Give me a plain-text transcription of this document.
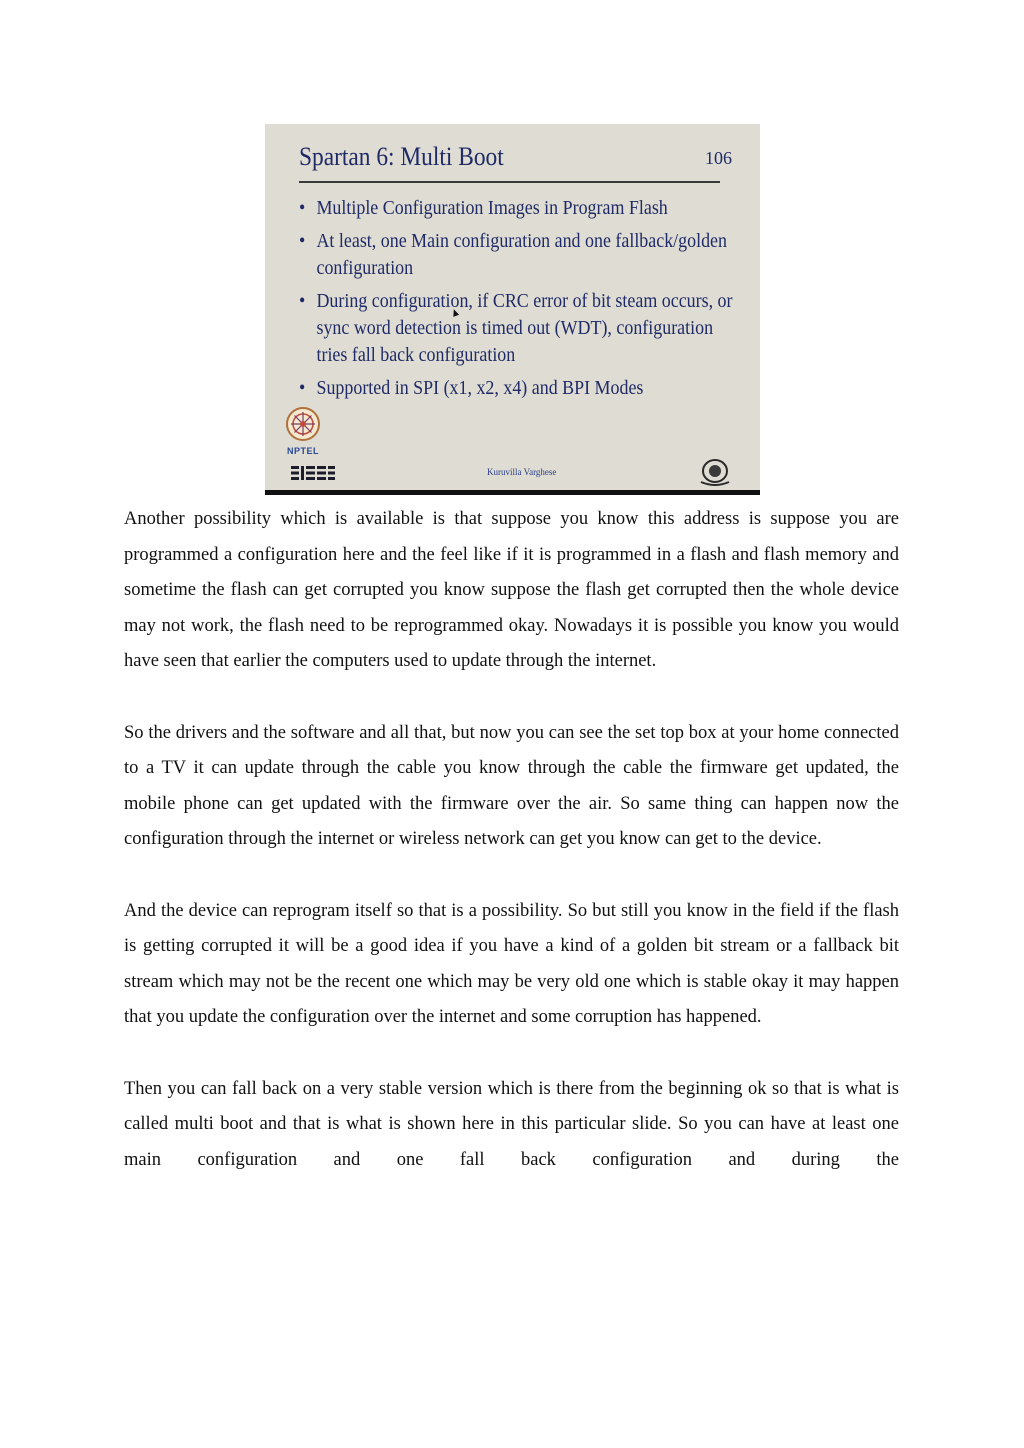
Spartan 6: Multi Boot	106
• Multiple Configuration Images in Program Flash
• At least, one Main configuration and one fallback/golden configuration
• During configuration, if CRC error of bit steam occurs, or sync word detection is timed out (WDT), configuration tries fall back configuration
• Supported in SPI (x1, x2, x4) and BPI Modes
NPTEL
Kuruvilla Varghese

Another possibility which is available is that suppose you know this address is suppose you are programmed a configuration here and the feel like if it is programmed in a flash and flash memory and sometime the flash can get corrupted you know suppose the flash get corrupted then the whole device may not work, the flash need to be reprogrammed okay. Nowadays it is possible you know you would have seen that earlier the computers used to update through the internet.

So the drivers and the software and all that, but now you can see the set top box at your home connected to a TV it can update through the cable you know through the cable the firmware get updated, the mobile phone can get updated with the firmware over the air. So same thing can happen now the configuration through the internet or wireless network can get you know can get to the device.

And the device can reprogram itself so that is a possibility. So but still you know in the field if the flash is getting corrupted it will be a good idea if you have a kind of a golden bit stream or a fallback bit stream which may not be the recent one which may be very old one which is stable okay it may happen that you update the configuration over the internet and some corruption has happened.

Then you can fall back on a very stable version which is there from the beginning ok so that is what is called multi boot and that is what is shown here in this particular slide. So you can have at least one main configuration and one fall back configuration and during the
